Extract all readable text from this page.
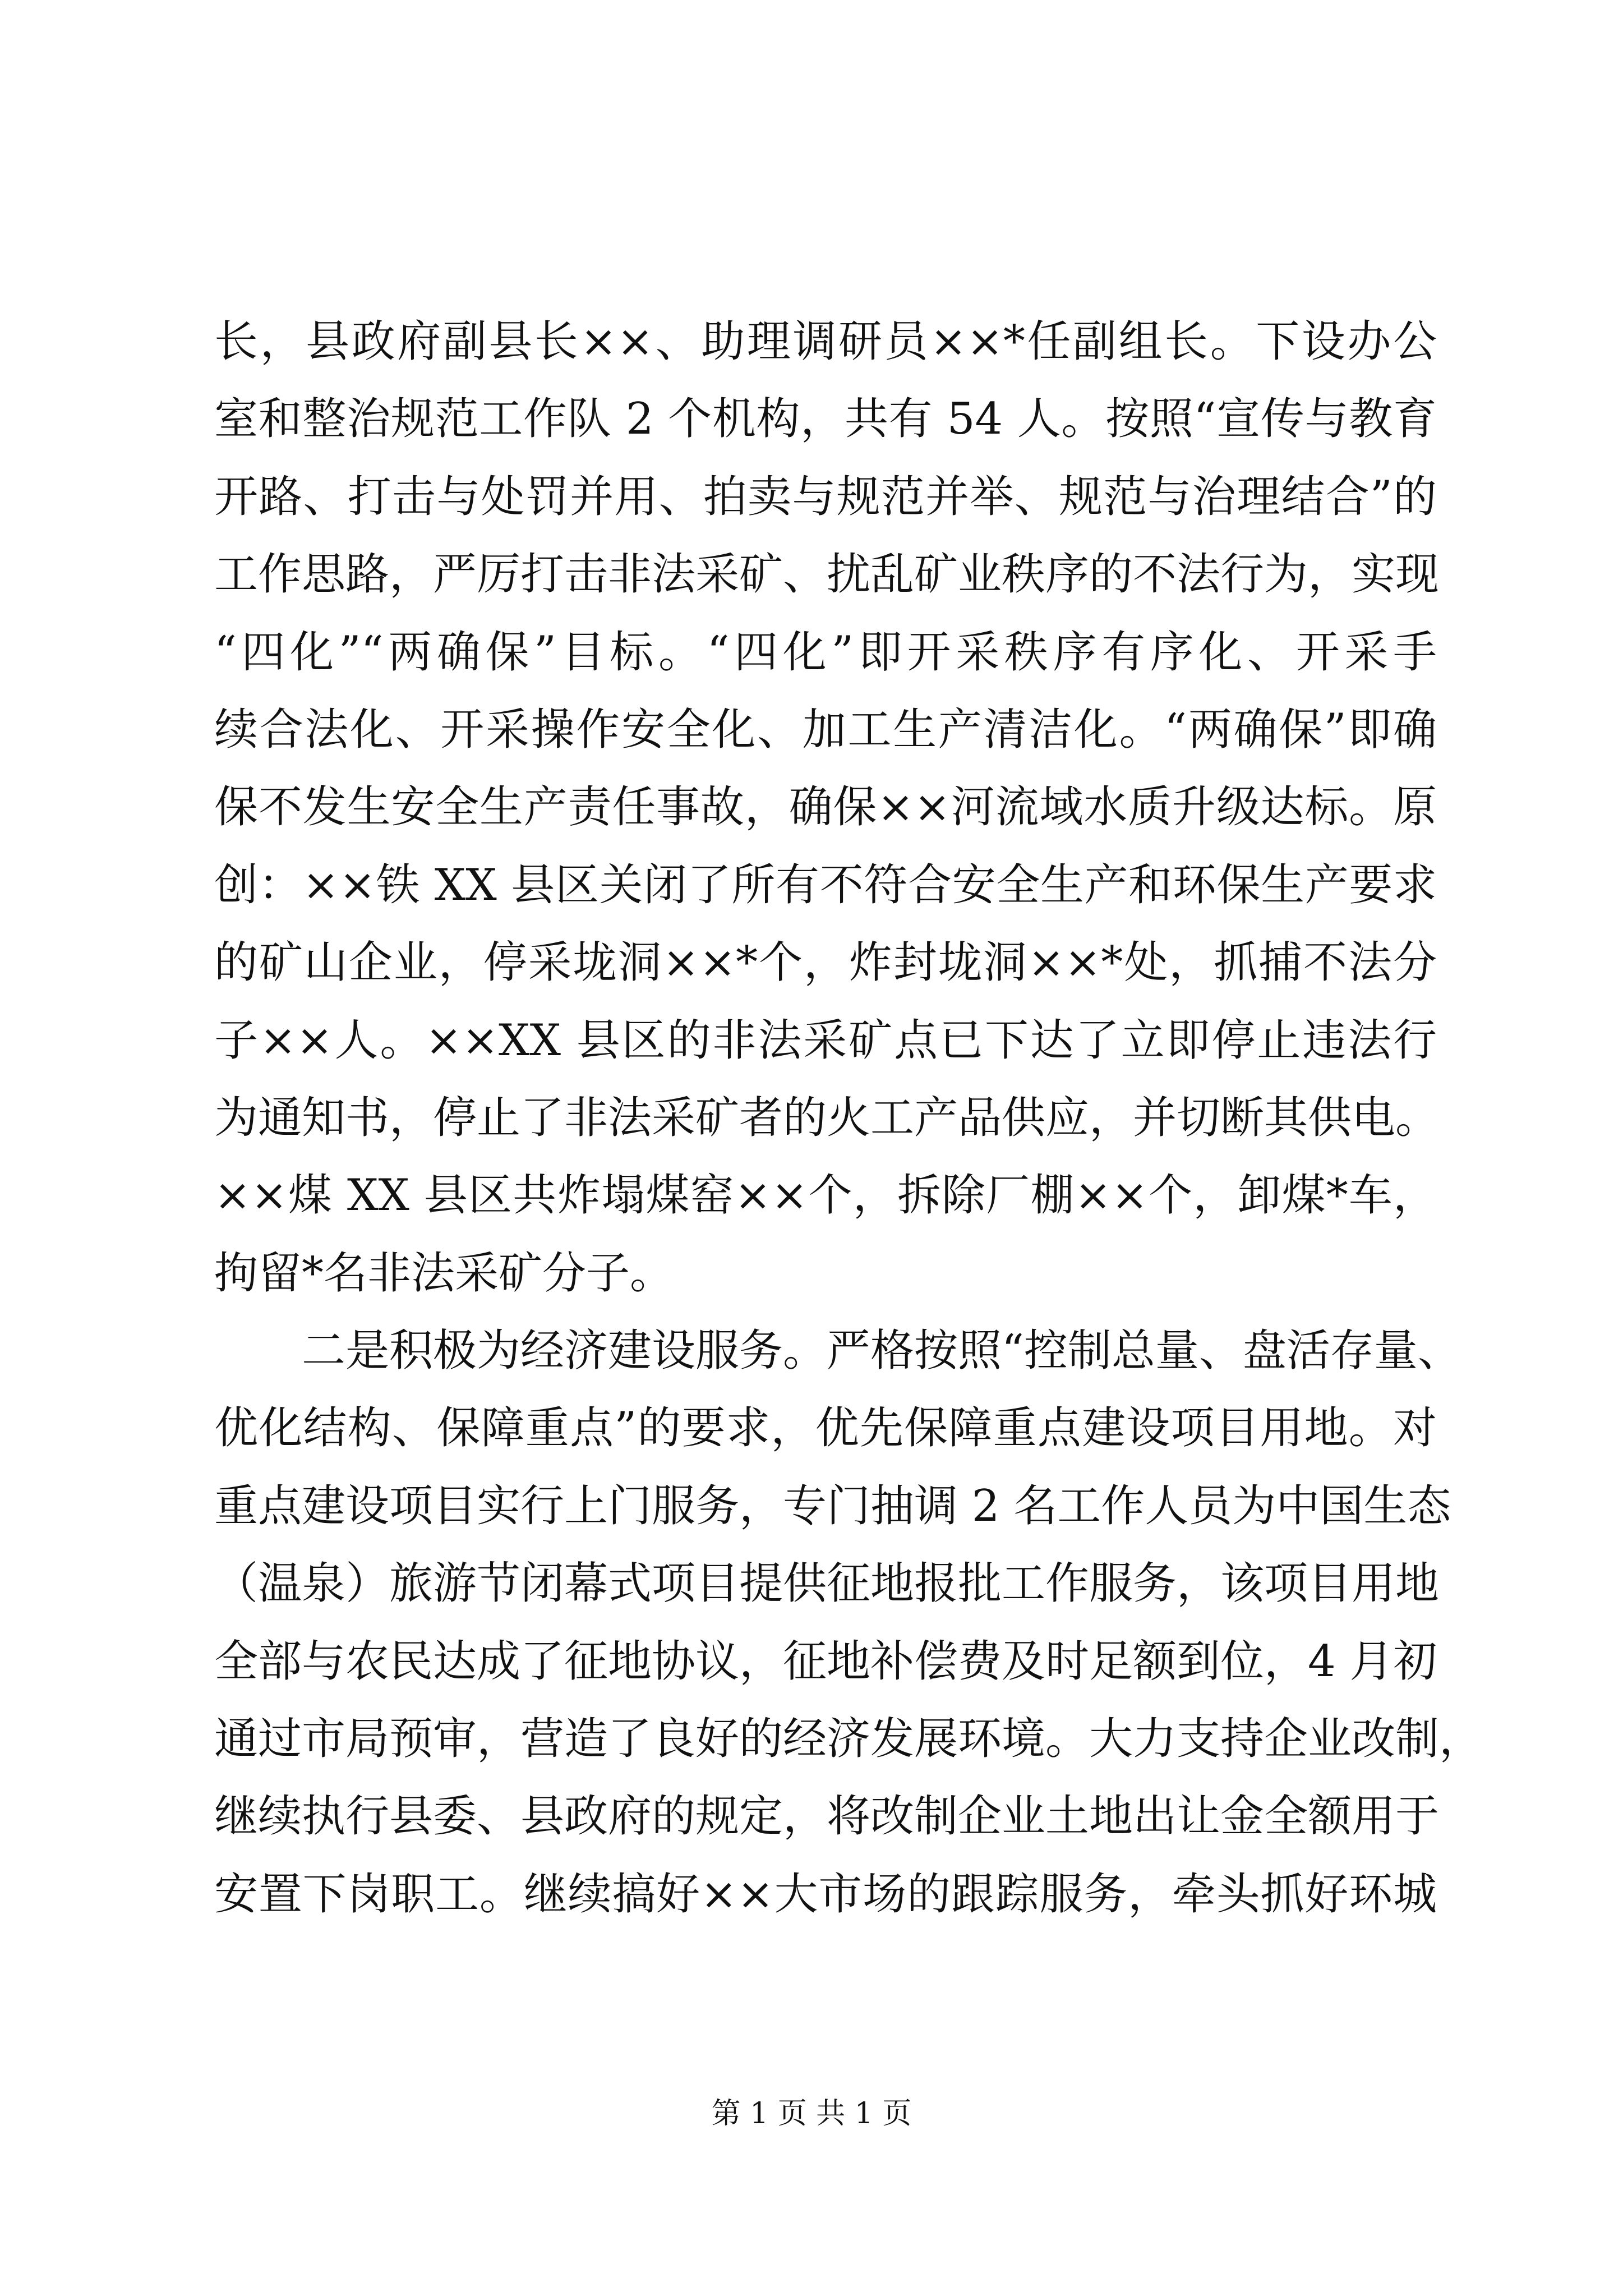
长，县政府副县长××、助理调研员××*任副组长。下设办公
室和整治规范工作队 2 个机构，共有 54 人。按照“宣传与教育
开路、打击与处罚并用、拍卖与规范并举、规范与治理结合”的
工作思路，严厉打击非法采矿、扰乱矿业秩序的不法行为，实现
“四化”“两确保”目标。“四化”即开采秩序有序化、开采手
续合法化、开采操作安全化、加工生产清洁化。“两确保”即确
保不发生安全生产责任事故，确保××河流域水质升级达标。原
创：××铁 XX 县区关闭了所有不符合安全生产和环保生产要求
的矿山企业，停采垅洞××*个，炸封垅洞××*处，抓捕不法分
子××人。××XX 县区的非法采矿点已下达了立即停止违法行
为通知书，停止了非法采矿者的火工产品供应，并切断其供电。
××煤 XX 县区共炸塌煤窑××个，拆除厂棚××个，卸煤*车，
拘留*名非法采矿分子。
二是积极为经济建设服务。严格按照“控制总量、盘活存量、
优化结构、保障重点”的要求，优先保障重点建设项目用地。对
重点建设项目实行上门服务，专门抽调 2 名工作人员为中国生态
（温泉）旅游节闭幕式项目提供征地报批工作服务，该项目用地
全部与农民达成了征地协议，征地补偿费及时足额到位，4 月初
通过市局预审，营造了良好的经济发展环境。大力支持企业改制，
继续执行县委、县政府的规定，将改制企业土地出让金全额用于
安置下岗职工。继续搞好××大市场的跟踪服务，牵头抓好环城
第 1 页 共 1 页
